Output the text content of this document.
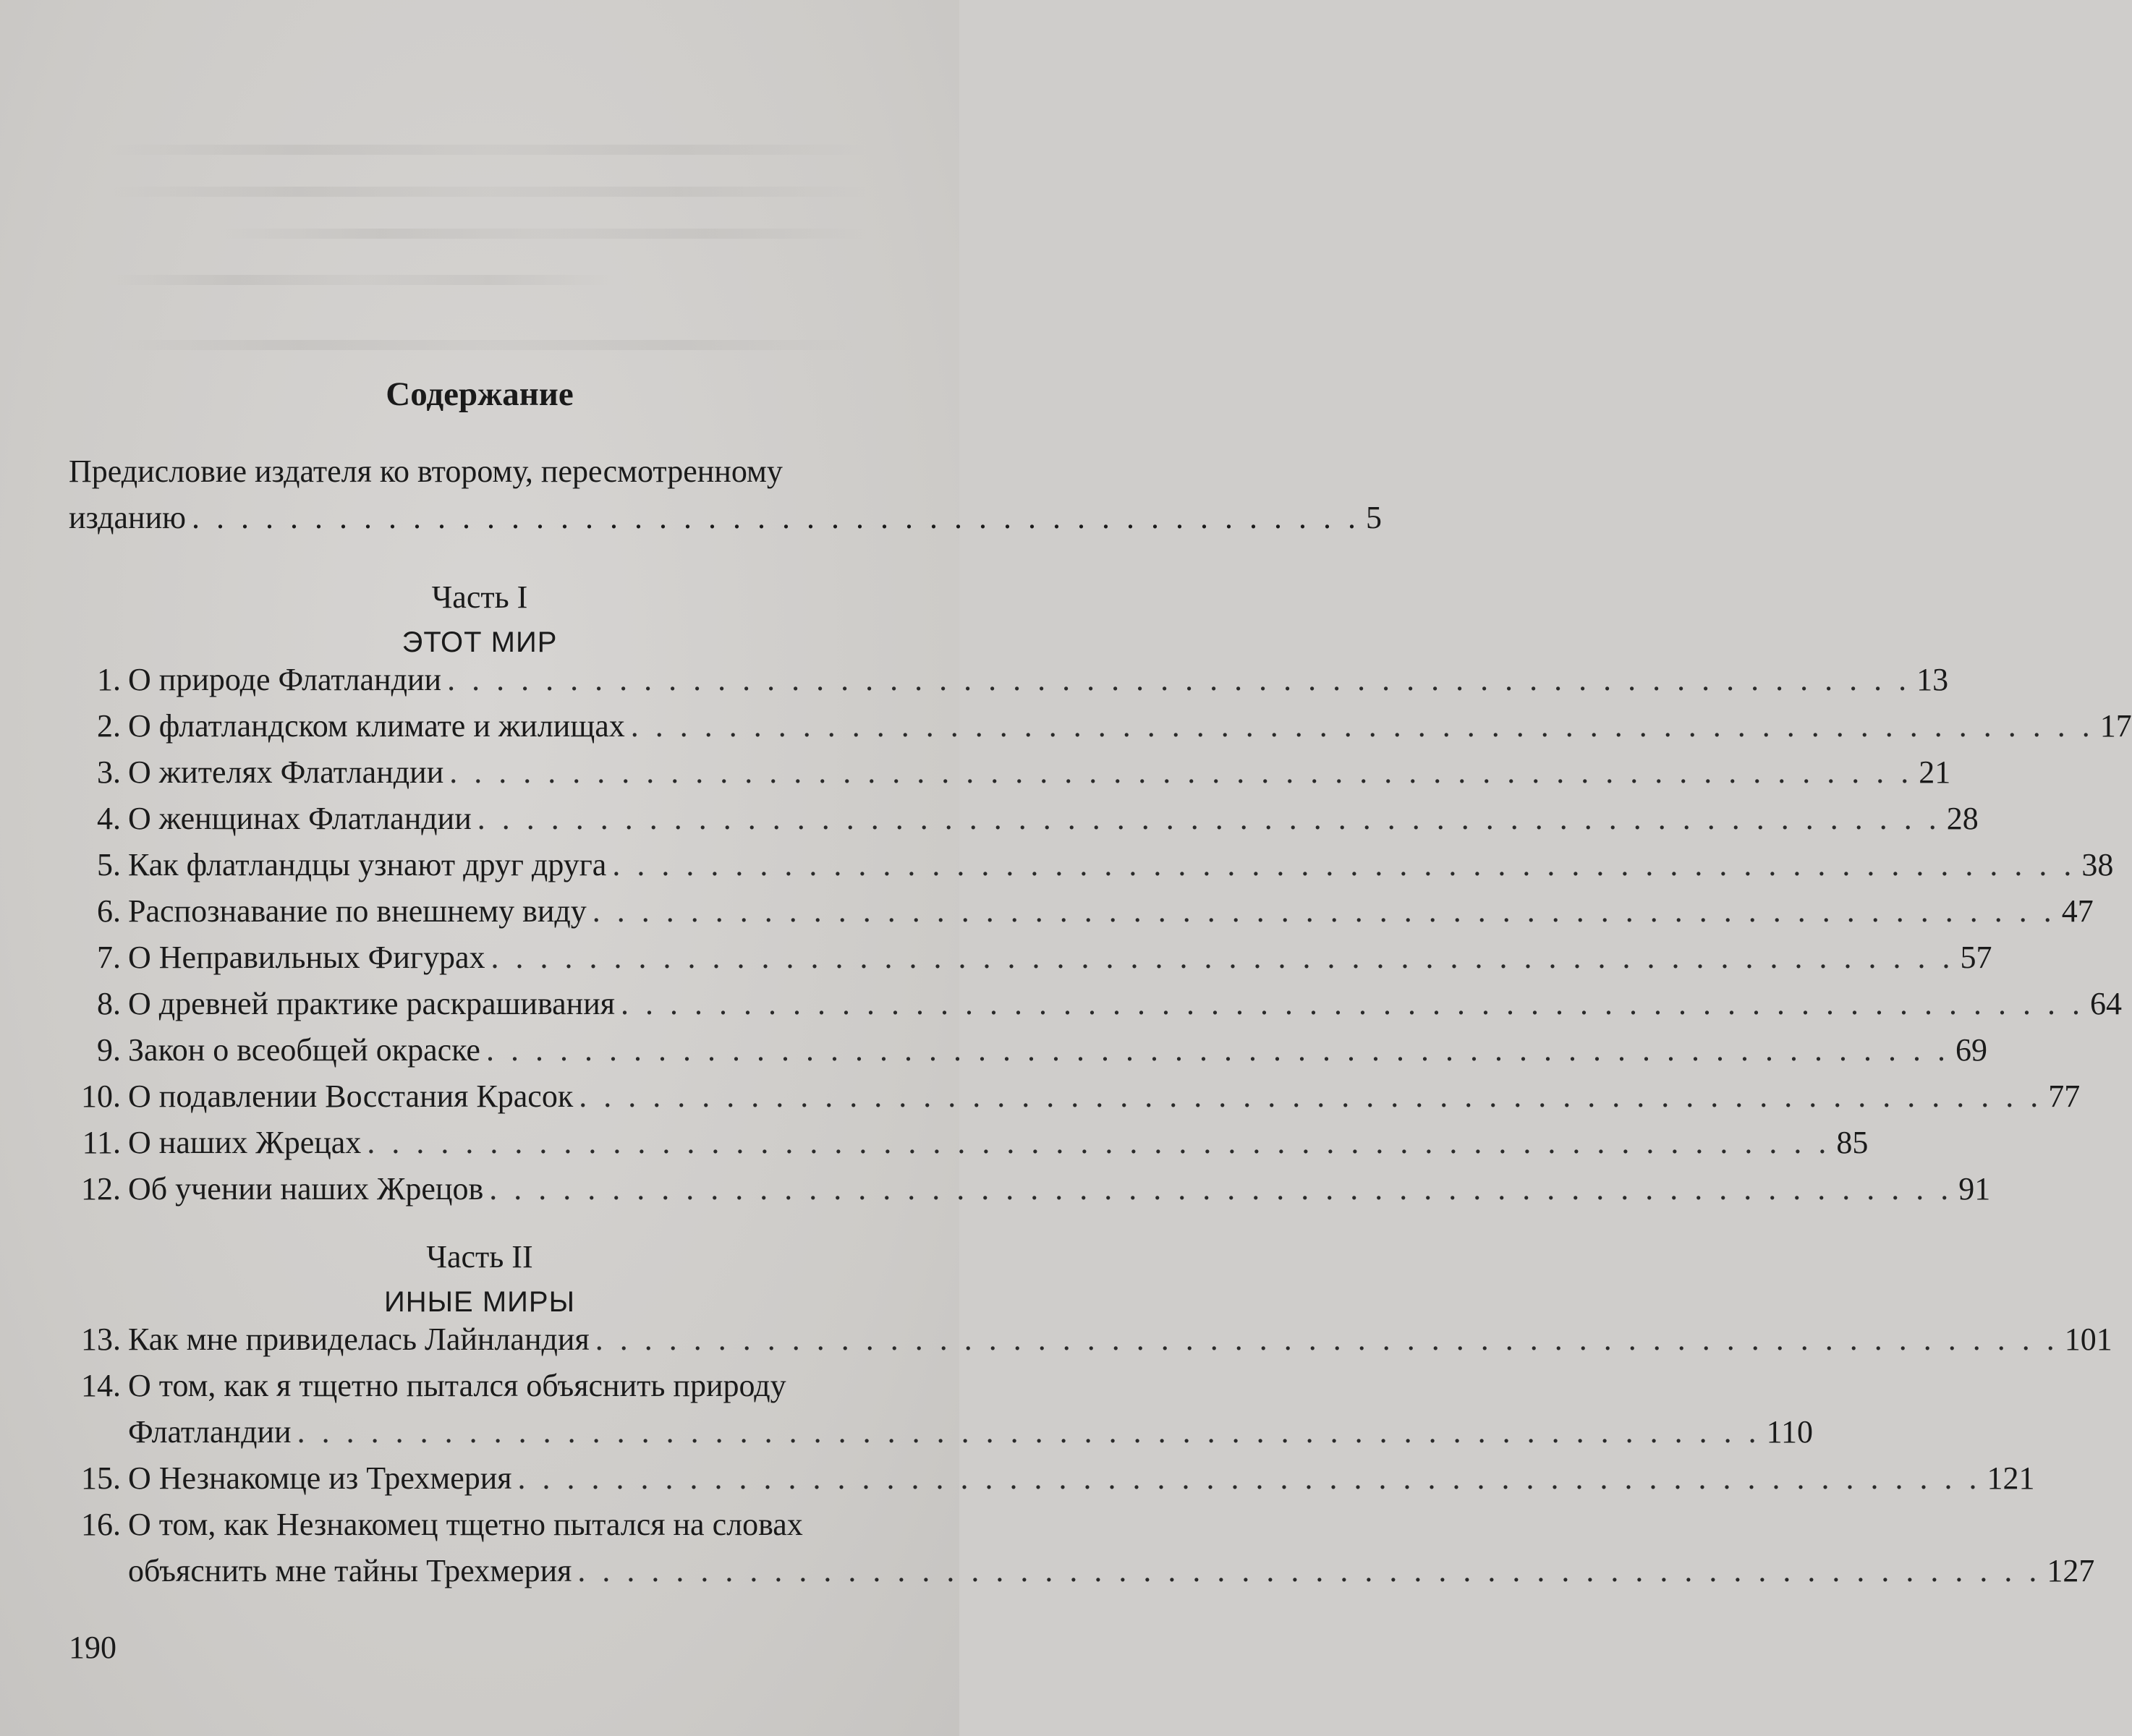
Содержание
Предисловие издателя ко второму, пересмотренному
изданию . . . . . . . . . . . . . . . . . . . . . . . . . . . . . . . . . . . . . . . . . . . . . . . . 5
Часть I
ЭТОТ МИР
1. О природе Флатландии . . . . . . . . . . . . . . . . . . . . . . . . . . . . . . . . . . . . . . . . . . . . . . . . . . . . . . . . . . . . 13
2. О флатландском климате и жилищах . . . . . . . . . . . . . . . . . . . . . . . . . . . . . . . . . . . . . . . . . . . . . . . . . . . . . . . . . . . . 17
3. О жителях Флатландии . . . . . . . . . . . . . . . . . . . . . . . . . . . . . . . . . . . . . . . . . . . . . . . . . . . . . . . . . . . . 21
4. О женщинах Флатландии . . . . . . . . . . . . . . . . . . . . . . . . . . . . . . . . . . . . . . . . . . . . . . . . . . . . . . . . . . . . 28
5. Как флатландцы узнают друг друга . . . . . . . . . . . . . . . . . . . . . . . . . . . . . . . . . . . . . . . . . . . . . . . . . . . . . . . . . . . . 38
6. Распознавание по внешнему виду . . . . . . . . . . . . . . . . . . . . . . . . . . . . . . . . . . . . . . . . . . . . . . . . . . . . . . . . . . . . 47
7. О Неправильных Фигурах . . . . . . . . . . . . . . . . . . . . . . . . . . . . . . . . . . . . . . . . . . . . . . . . . . . . . . . . . . . . 57
8. О древней практике раскрашивания . . . . . . . . . . . . . . . . . . . . . . . . . . . . . . . . . . . . . . . . . . . . . . . . . . . . . . . . . . . . 64
9. Закон о всеобщей окраске . . . . . . . . . . . . . . . . . . . . . . . . . . . . . . . . . . . . . . . . . . . . . . . . . . . . . . . . . . . . 69
10. О подавлении Восстания Красок . . . . . . . . . . . . . . . . . . . . . . . . . . . . . . . . . . . . . . . . . . . . . . . . . . . . . . . . . . . . 77
11. О наших Жрецах . . . . . . . . . . . . . . . . . . . . . . . . . . . . . . . . . . . . . . . . . . . . . . . . . . . . . . . . . . . . 85
12. Об учении наших Жрецов . . . . . . . . . . . . . . . . . . . . . . . . . . . . . . . . . . . . . . . . . . . . . . . . . . . . . . . . . . . . 91
Часть II
ИНЫЕ МИРЫ
13. Как мне привиделась Лайнландия . . . . . . . . . . . . . . . . . . . . . . . . . . . . . . . . . . . . . . . . . . . . . . . . . . . . . . . . . . . . 101
14. О том, как я тщетно пытался объяснить природу
Флатландии . . . . . . . . . . . . . . . . . . . . . . . . . . . . . . . . . . . . . . . . . . . . . . . . . . . . . . . . . . . . 110
15. О Незнакомце из Трехмерия . . . . . . . . . . . . . . . . . . . . . . . . . . . . . . . . . . . . . . . . . . . . . . . . . . . . . . . . . . . . 121
16. О том, как Незнакомец тщетно пытался на словах
объяснить мне тайны Трехмерия . . . . . . . . . . . . . . . . . . . . . . . . . . . . . . . . . . . . . . . . . . . . . . . . . . . . . . . . . . . . 127
190
